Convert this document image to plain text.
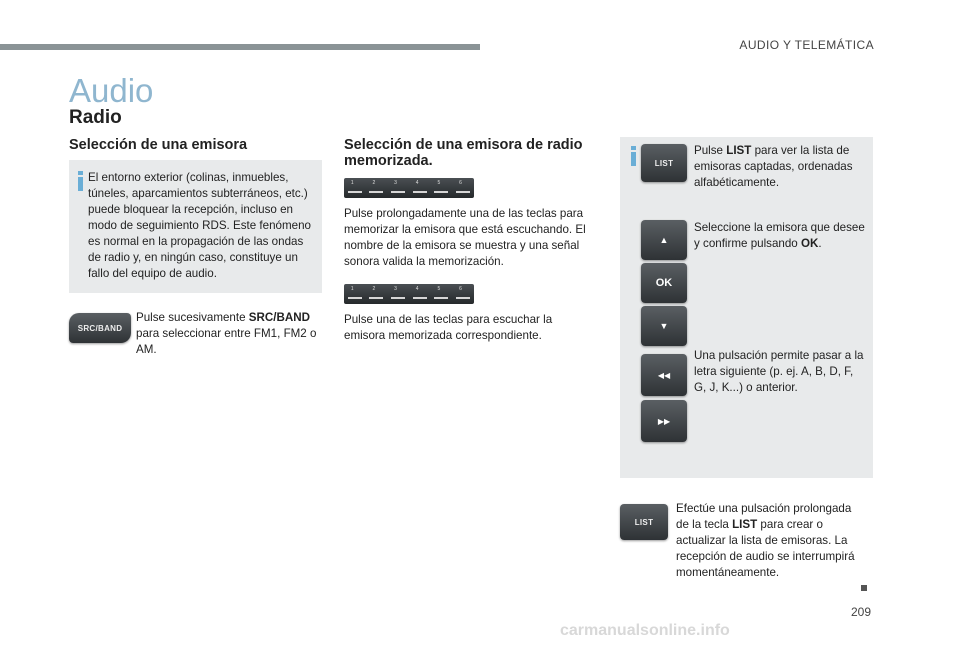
AUDIO Y TELEMÁTICA
Audio
Radio
Selección de una emisora
El entorno exterior (colinas, inmuebles, túneles, aparcamientos subterráneos, etc.) puede bloquear la recepción, incluso en modo de seguimiento RDS. Este fenómeno es normal en la propagación de las ondas de radio y, en ningún caso, constituye un fallo del equipo de audio.
SRC/BAND
Pulse sucesivamente SRC/BAND para seleccionar entre FM1, FM2 o AM.
Selección de una emisora de radio memorizada.
1	2	3	4	5	6
Pulse prolongadamente una de las teclas para memorizar la emisora que está escuchando. El nombre de la emisora se muestra y una señal sonora valida la memorización.
1	2	3	4	5	6
Pulse una de las teclas para escuchar la emisora memorizada correspondiente.
LIST
Pulse LIST para ver la lista de emisoras captadas, ordenadas alfabéticamente.
▲
OK
▼
Seleccione la emisora que desee y confirme pulsando OK.
◀◀
▶▶
Una pulsación permite pasar a la letra siguiente (p. ej. A, B, D, F, G, J, K...) o anterior.
LIST
Efectúe una pulsación prolongada de la tecla LIST para crear o actualizar la lista de emisoras. La recepción de audio se interrumpirá momentáneamente.
209
carmanualsonline.info
